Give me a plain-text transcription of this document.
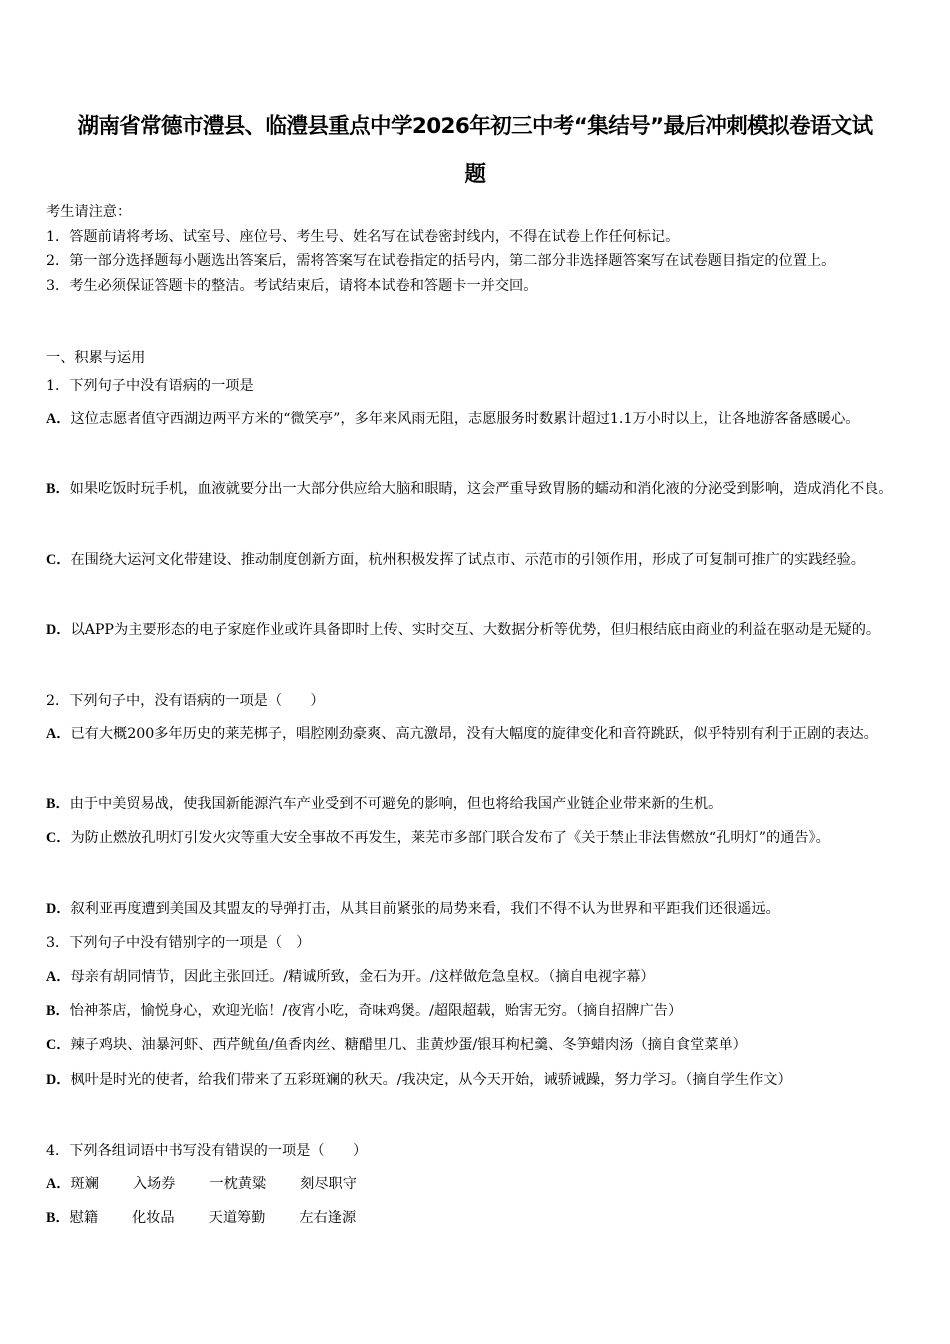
湖南省常德市澧县、临澧县重点中学2026年初三中考“集结号”最后冲刺模拟卷语文试
题

考生请注意：

1．答题前请将考场、试室号、座位号、考生号、姓名写在试卷密封线内，不得在试卷上作任何标记。

2．第一部分选择题每小题选出答案后，需将答案写在试卷指定的括号内，第二部分非选择题答案写在试卷题目指定的位置上。

3．考生必须保证答题卡的整洁。考试结束后，请将本试卷和答题卡一并交回。

一、积累与运用
1．下列句子中没有语病的一项是
A．这位志愿者值守西湖边两平方米的“微笑亭”，多年来风雨无阻，志愿服务时数累计超过1.1万小时以上，让各地游客备感暖心。
B．如果吃饭时玩手机，血液就要分出一大部分供应给大脑和眼睛，这会严重导致胃肠的蠕动和消化液的分泌受到影响，造成消化不良。
C．在围绕大运河文化带建设、推动制度创新方面，杭州积极发挥了试点市、示范市的引领作用，形成了可复制可推广的实践经验。
D．以APP为主要形态的电子家庭作业或许具备即时上传、实时交互、大数据分析等优势，但归根结底由商业的利益在驱动是无疑的。
2．下列句子中，没有语病的一项是（　　）
A．已有大概200多年历史的莱芜梆子，唱腔刚劲豪爽、高亢激昂，没有大幅度的旋律变化和音符跳跃，似乎特别有利于正剧的表达。
B．由于中美贸易战，使我国新能源汽车产业受到不可避免的影响，但也将给我国产业链企业带来新的生机。
C．为防止燃放孔明灯引发火灾等重大安全事故不再发生，莱芜市多部门联合发布了《关于禁止非法售燃放“孔明灯”的通告》。
D．叙利亚再度遭到美国及其盟友的导弹打击，从其目前紧张的局势来看，我们不得不认为世界和平距我们还很遥远。
3．下列句子中没有错别字的一项是（　）
A．母亲有胡同情节，因此主张回迁。/精诚所致，金石为开。/这样做危急皇权。（摘自电视字幕）
B．怡神茶店，愉悦身心，欢迎光临！/夜宵小吃，奇味鸡煲。/超限超载，贻害无穷。（摘自招牌广告）
C．辣子鸡块、油暴河虾、西芹鱿鱼/鱼香肉丝、糖醋里几、韭黄炒蛋/银耳枸杞羹、冬笋蜡肉汤（摘自食堂菜单）
D．枫叶是时光的使者，给我们带来了五彩斑斓的秋天。/我决定，从今天开始，诫骄诫躁，努力学习。（摘自学生作文）
4．下列各组词语中书写没有错误的一项是（　　）
A．斑斓 入场券 一枕黄粱 刻尽职守
B．慰籍 化妆品 天道筹勤 左右逢源
